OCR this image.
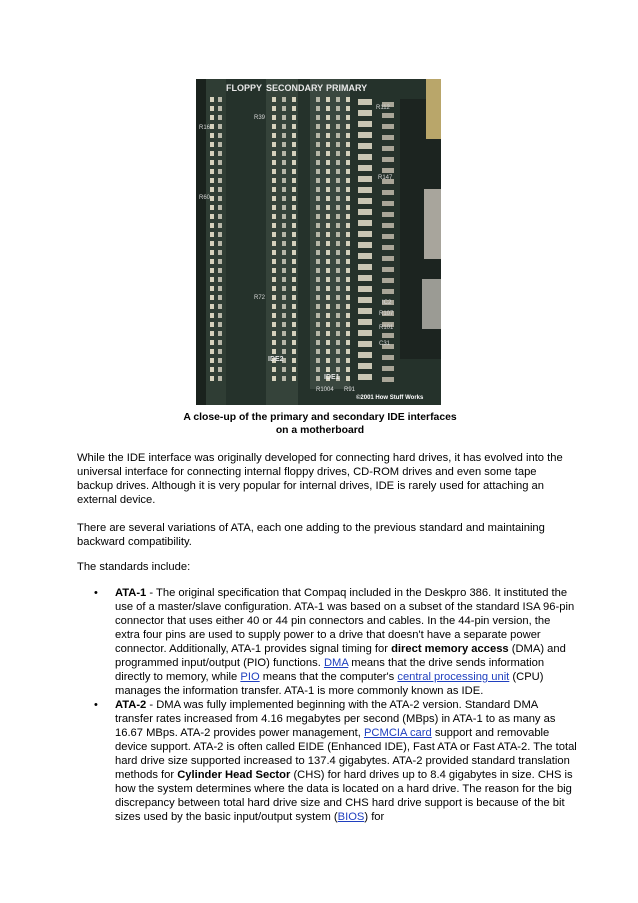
FLOPPY SECONDARY PRIMARY
R112
R147
IC2
R107
R101
C31
R16
R39
R72
R60
IDE2
IDE1
R1004 R91
©2001 How Stuff Works
A close-up of the primary and secondary IDE interfaces
on a motherboard

While the IDE interface was originally developed for connecting hard drives, it has evolved into the universal interface for connecting internal floppy drives, CD-ROM drives and even some tape backup drives. Although it is very popular for internal drives, IDE is rarely used for attaching an external device.

There are several variations of ATA, each one adding to the previous standard and maintaining backward compatibility.

The standards include:

• ATA-1 - The original specification that Compaq included in the Deskpro 386. It instituted the use of a master/slave configuration. ATA-1 was based on a subset of the standard ISA 96-pin connector that uses either 40 or 44 pin connectors and cables. In the 44-pin version, the extra four pins are used to supply power to a drive that doesn't have a separate power connector. Additionally, ATA-1 provides signal timing for direct memory access (DMA) and programmed input/output (PIO) functions. DMA means that the drive sends information directly to memory, while PIO means that the computer's central processing unit (CPU) manages the information transfer. ATA-1 is more commonly known as IDE.
• ATA-2 - DMA was fully implemented beginning with the ATA-2 version. Standard DMA transfer rates increased from 4.16 megabytes per second (MBps) in ATA-1 to as many as 16.67 MBps. ATA-2 provides power management, PCMCIA card support and removable device support. ATA-2 is often called EIDE (Enhanced IDE), Fast ATA or Fast ATA-2. The total hard drive size supported increased to 137.4 gigabytes. ATA-2 provided standard translation methods for Cylinder Head Sector (CHS) for hard drives up to 8.4 gigabytes in size. CHS is how the system determines where the data is located on a hard drive. The reason for the big discrepancy between total hard drive size and CHS hard drive support is because of the bit sizes used by the basic input/output system (BIOS) for
